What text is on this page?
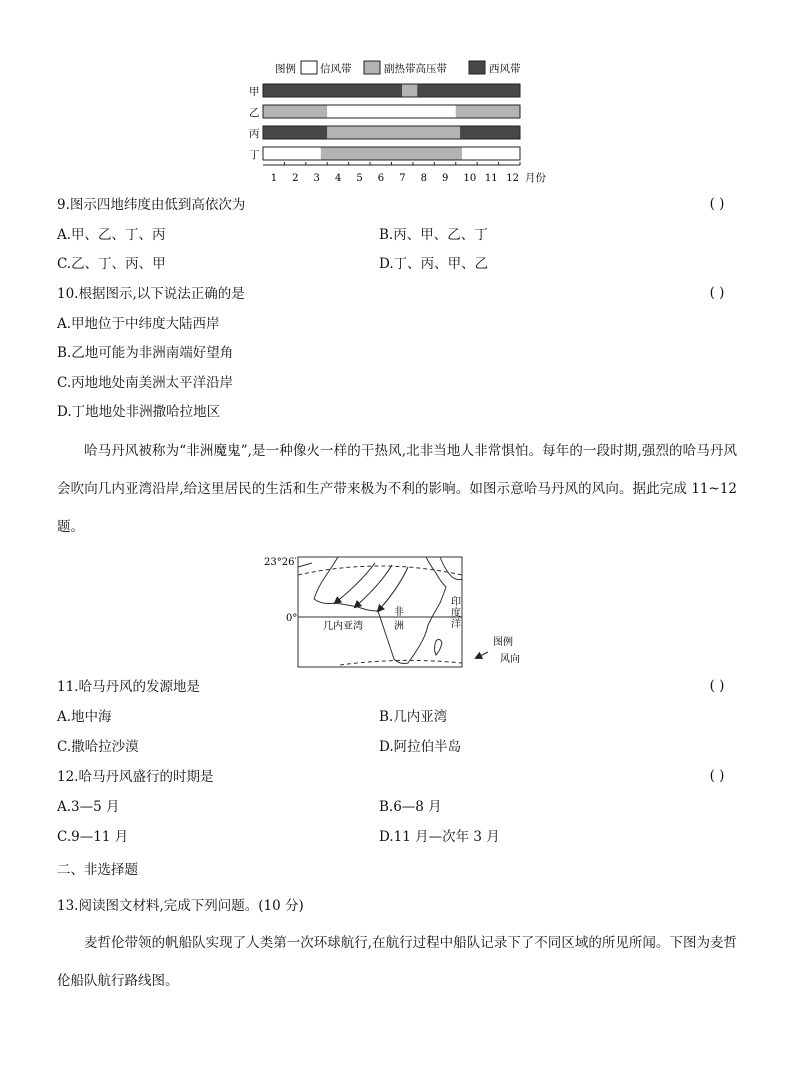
图例 信风带	副热带高压带	西风带
甲
乙
丙
丁
1 2 3 4 5 6 7 8 9 10 11 12 月份
9.图示四地纬度由低到高依次为	( )
A.甲、乙、丁、丙	B.丙、甲、乙、丁
C.乙、丁、丙、甲	D.丁、丙、甲、乙
10.根据图示,以下说法正确的是	( )
A.甲地位于中纬度大陆西岸
B.乙地可能为非洲南端好望角
C.丙地地处南美洲太平洋沿岸
D.丁地地处非洲撒哈拉地区
哈马丹风被称为“非洲魔鬼”,是一种像火一样的干热风,北非当地人非常惧怕。每年的一段时期,强烈的哈马丹风会吹向几内亚湾沿岸,给这里居民的生活和生产带来极为不利的影响。如图示意哈马丹风的风向。据此完成 11~12 题。
23°26′
0°
几内亚湾
非
洲
印
度
洋
图例
风向
11.哈马丹风的发源地是	( )
A.地中海	B.几内亚湾
C.撒哈拉沙漠	D.阿拉伯半岛
12.哈马丹风盛行的时期是	( )
A.3—5 月	B.6—8 月
C.9—11 月	D.11 月—次年 3 月
二、非选择题
13.阅读图文材料,完成下列问题。(10 分)
麦哲伦带领的帆船队实现了人类第一次环球航行,在航行过程中船队记录下了不同区域的所见所闻。下图为麦哲伦船队航行路线图。
